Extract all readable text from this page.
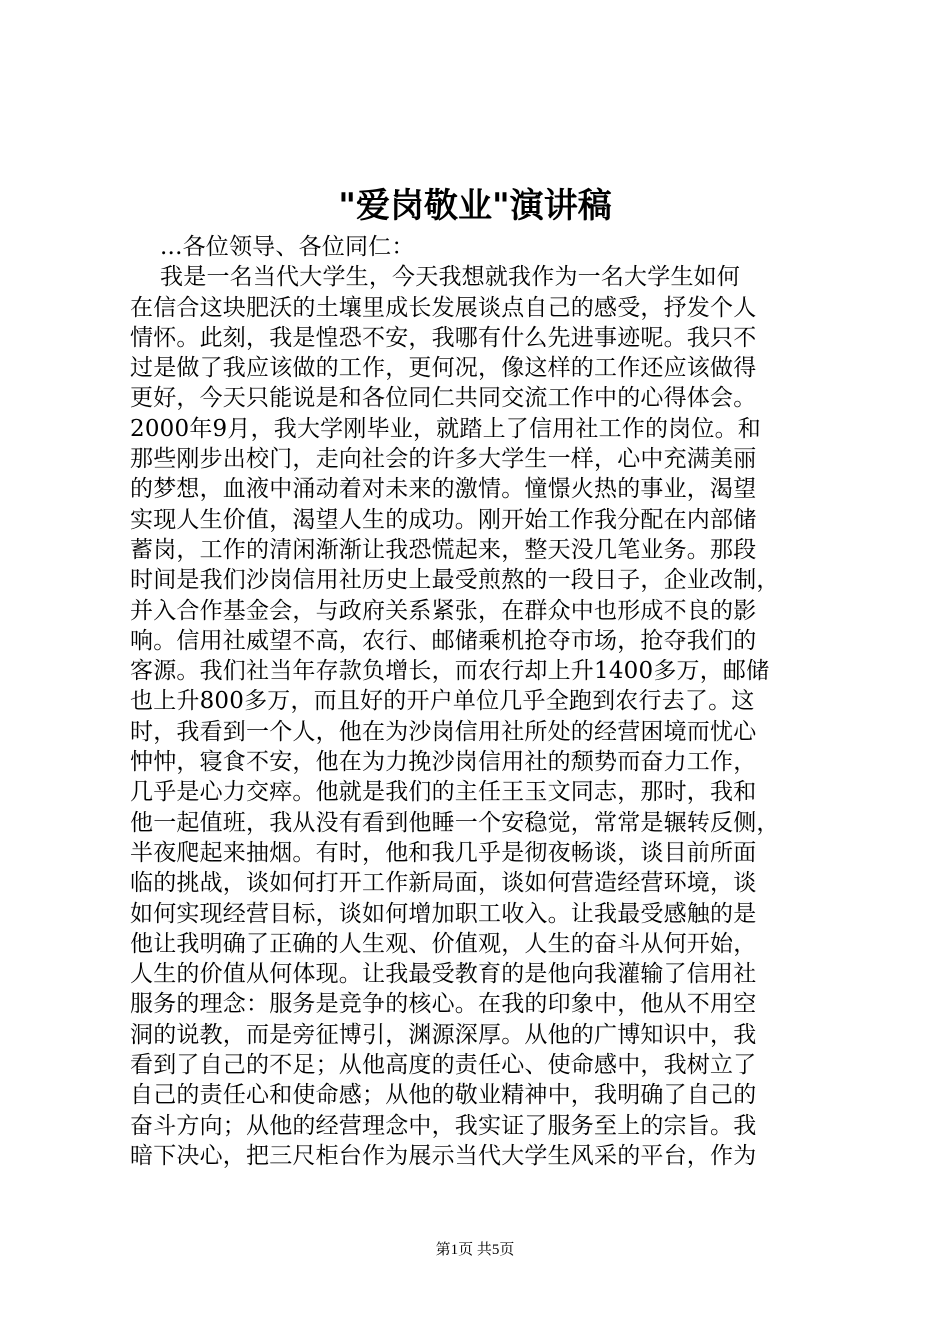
"爱岗敬业"演讲稿
...各位领导、各位同仁：
我是一名当代大学生，今天我想就我作为一名大学生如何
在信合这块肥沃的土壤里成长发展谈点自己的感受，抒发个人
情怀。此刻，我是惶恐不安，我哪有什么先进事迹呢。我只不
过是做了我应该做的工作，更何况，像这样的工作还应该做得
更好，今天只能说是和各位同仁共同交流工作中的心得体会。
2000年9月，我大学刚毕业，就踏上了信用社工作的岗位。和
那些刚步出校门，走向社会的许多大学生一样，心中充满美丽
的梦想，血液中涌动着对未来的激情。憧憬火热的事业，渴望
实现人生价值，渴望人生的成功。刚开始工作我分配在内部储
蓄岗，工作的清闲渐渐让我恐慌起来，整天没几笔业务。那段
时间是我们沙岗信用社历史上最受煎熬的一段日子，企业改制，
并入合作基金会，与政府关系紧张，在群众中也形成不良的影
响。信用社威望不高，农行、邮储乘机抢夺市场，抢夺我们的
客源。我们社当年存款负增长，而农行却上升1400多万，邮储
也上升800多万，而且好的开户单位几乎全跑到农行去了。这
时，我看到一个人，他在为沙岗信用社所处的经营困境而忧心
忡忡，寝食不安，他在为力挽沙岗信用社的颓势而奋力工作，
几乎是心力交瘁。他就是我们的主任王玉文同志，那时，我和
他一起值班，我从没有看到他睡一个安稳觉，常常是辗转反侧，
半夜爬起来抽烟。有时，他和我几乎是彻夜畅谈，谈目前所面
临的挑战，谈如何打开工作新局面，谈如何营造经营环境，谈
如何实现经营目标，谈如何增加职工收入。让我最受感触的是
他让我明确了正确的人生观、价值观，人生的奋斗从何开始，
人生的价值从何体现。让我最受教育的是他向我灌输了信用社
服务的理念：服务是竞争的核心。在我的印象中，他从不用空
洞的说教，而是旁征博引，渊源深厚。从他的广博知识中，我
看到了自己的不足；从他高度的责任心、使命感中，我树立了
自己的责任心和使命感；从他的敬业精神中，我明确了自己的
奋斗方向；从他的经营理念中，我实证了服务至上的宗旨。我
暗下决心，把三尺柜台作为展示当代大学生风采的平台，作为
第1页 共5页
